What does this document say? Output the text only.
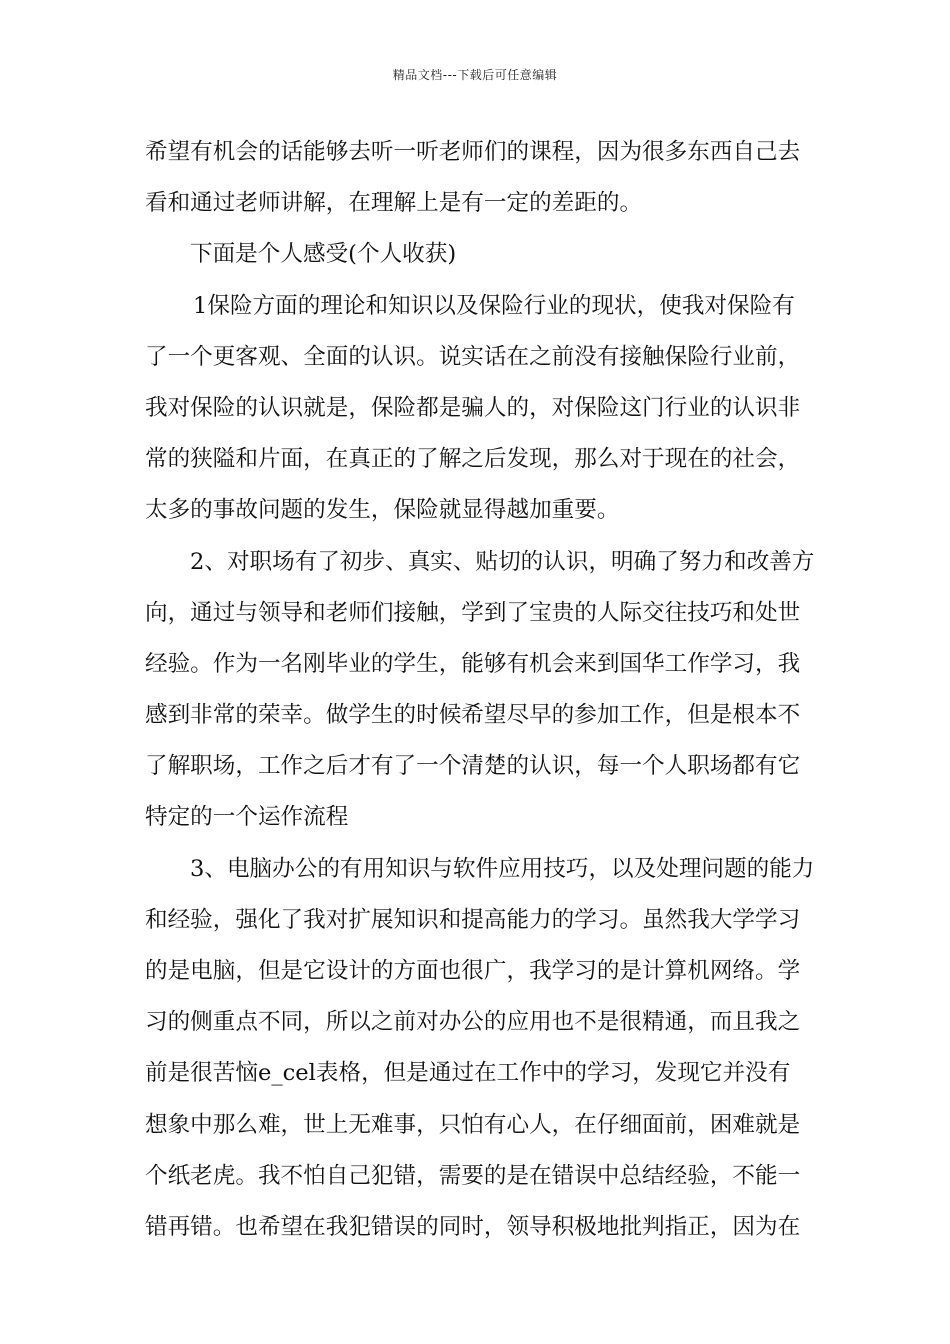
精品文档---下载后可任意编辑
希望有机会的话能够去听一听老师们的课程，因为很多东西自己去
看和通过老师讲解，在理解上是有一定的差距的。
下面是个人感受(个人收获)
1保险方面的理论和知识以及保险行业的现状，使我对保险有
了一个更客观、全面的认识。说实话在之前没有接触保险行业前，
我对保险的认识就是，保险都是骗人的，对保险这门行业的认识非
常的狭隘和片面，在真正的了解之后发现，那么对于现在的社会，
太多的事故问题的发生，保险就显得越加重要。
2、对职场有了初步、真实、贴切的认识，明确了努力和改善方
向，通过与领导和老师们接触，学到了宝贵的人际交往技巧和处世
经验。作为一名刚毕业的学生，能够有机会来到国华工作学习，我
感到非常的荣幸。做学生的时候希望尽早的参加工作，但是根本不
了解职场，工作之后才有了一个清楚的认识，每一个人职场都有它
特定的一个运作流程
3、电脑办公的有用知识与软件应用技巧，以及处理问题的能力
和经验，强化了我对扩展知识和提高能力的学习。虽然我大学学习
的是电脑，但是它设计的方面也很广，我学习的是计算机网络。学
习的侧重点不同，所以之前对办公的应用也不是很精通，而且我之
前是很苦恼e_cel表格，但是通过在工作中的学习，发现它并没有
想象中那么难，世上无难事，只怕有心人，在仔细面前，困难就是
个纸老虎。我不怕自己犯错，需要的是在错误中总结经验，不能一
错再错。也希望在我犯错误的同时，领导积极地批判指正，因为在
